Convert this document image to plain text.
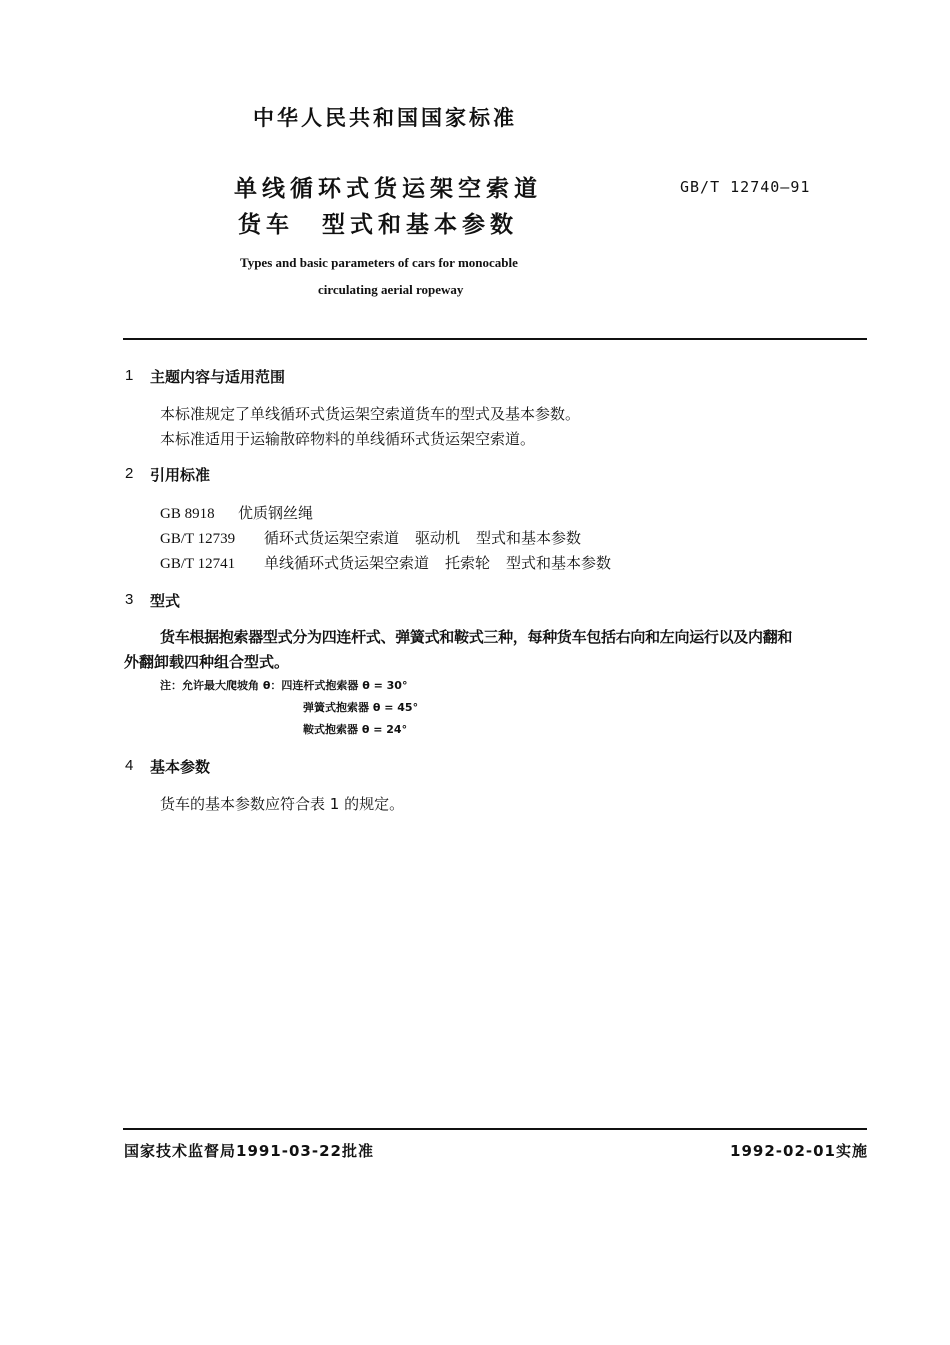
中华人民共和国国家标准
单线循环式货运架空索道
货车 型式和基本参数
GB/T 12740—91
Types and basic parameters of cars for monocable
circulating aerial ropeway
1 主题内容与适用范围
本标准规定了单线循环式货运架空索道货车的型式及基本参数。
本标准适用于运输散碎物料的单线循环式货运架空索道。
2 引用标准
GB 8918 优质钢丝绳
GB/T 12739 循环式货运架空索道 驱动机 型式和基本参数
GB/T 12741 单线循环式货运架空索道 托索轮 型式和基本参数
3 型式
货车根据抱索器型式分为四连杆式、弹簧式和鞍式三种，每种货车包括右向和左向运行以及内翻和
外翻卸载四种组合型式。
注：允许最大爬坡角 θ：四连杆式抱索器 θ = 30°
弹簧式抱索器 θ = 45°
鞍式抱索器 θ = 24°
4 基本参数
货车的基本参数应符合表 1 的规定。
国家技术监督局1991-03-22批准	1992-02-01实施
